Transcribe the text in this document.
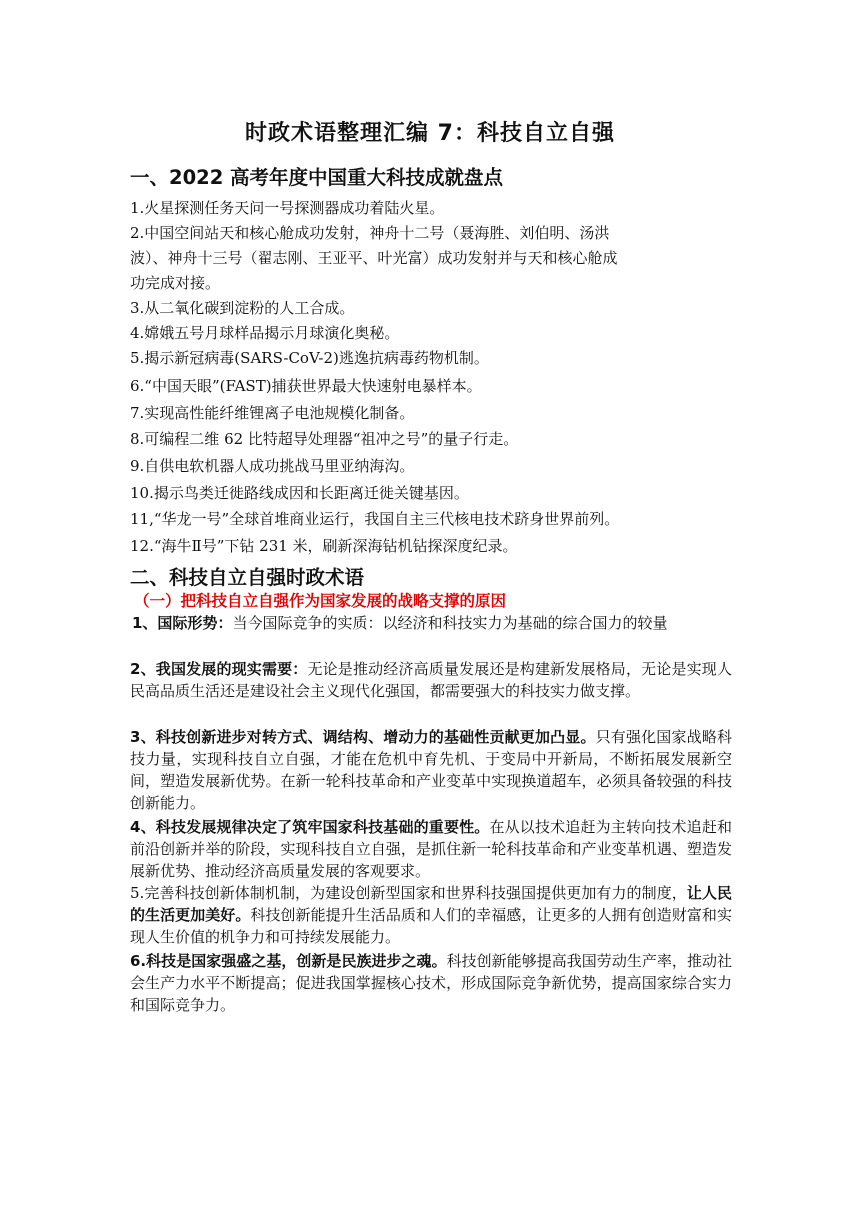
时政术语整理汇编 7：科技自立自强
一、2022 高考年度中国重大科技成就盘点
1.火星探测任务天问一号探测器成功着陆火星。
2.中国空间站天和核心舱成功发射，神舟十二号（聂海胜、刘伯明、汤洪
波）、神舟十三号（翟志刚、王亚平、叶光富）成功发射并与天和核心舱成
功完成对接。
3.从二氧化碳到淀粉的人工合成。
4.嫦娥五号月球样品揭示月球演化奥秘。
5.揭示新冠病毒(SARS-CoV-2)逃逸抗病毒药物机制。
6.“中国天眼”(FAST)捕获世界最大快速射电暴样本。
7.实现高性能纤维锂离子电池规模化制备。
8.可编程二维 62 比特超导处理器“祖冲之号”的量子行走。
9.自供电软机器人成功挑战马里亚纳海沟。
10.揭示鸟类迁徙路线成因和长距离迁徙关键基因。
11,“华龙一号”全球首堆商业运行，我国自主三代核电技术跻身世界前列。
12.“海牛Ⅱ号”下钻 231 米，刷新深海钻机钻探深度纪录。
二、科技自立自强时政术语
（一）把科技自立自强作为国家发展的战略支撑的原因
1、国际形势：当今国际竞争的实质：以经济和科技实力为基础的综合国力的较量
2、我国发展的现实需要：无论是推动经济高质量发展还是构建新发展格局，无论是实现人民高品质生活还是建设社会主义现代化强国，都需要强大的科技实力做支撑。
3、科技创新进步对转方式、调结构、增动力的基础性贡献更加凸显。只有强化国家战略科技力量，实现科技自立自强，才能在危机中育先机、于变局中开新局，不断拓展发展新空间，塑造发展新优势。在新一轮科技革命和产业变革中实现换道超车，必须具备较强的科技创新能力。
4、科技发展规律决定了筑牢国家科技基础的重要性。在从以技术追赶为主转向技术追赶和前沿创新并举的阶段，实现科技自立自强，是抓住新一轮科技革命和产业变革机遇、塑造发展新优势、推动经济高质量发展的客观要求。
5.完善科技创新体制机制，为建设创新型国家和世界科技强国提供更加有力的制度，让人民的生活更加美好。科技创新能提升生活品质和人们的幸福感，让更多的人拥有创造财富和实现人生价值的机争力和可持续发展能力。
6.科技是国家强盛之基，创新是民族进步之魂。科技创新能够提高我国劳动生产率，推动社会生产力水平不断提高；促进我国掌握核心技术，形成国际竞争新优势，提高国家综合实力和国际竞争力。
